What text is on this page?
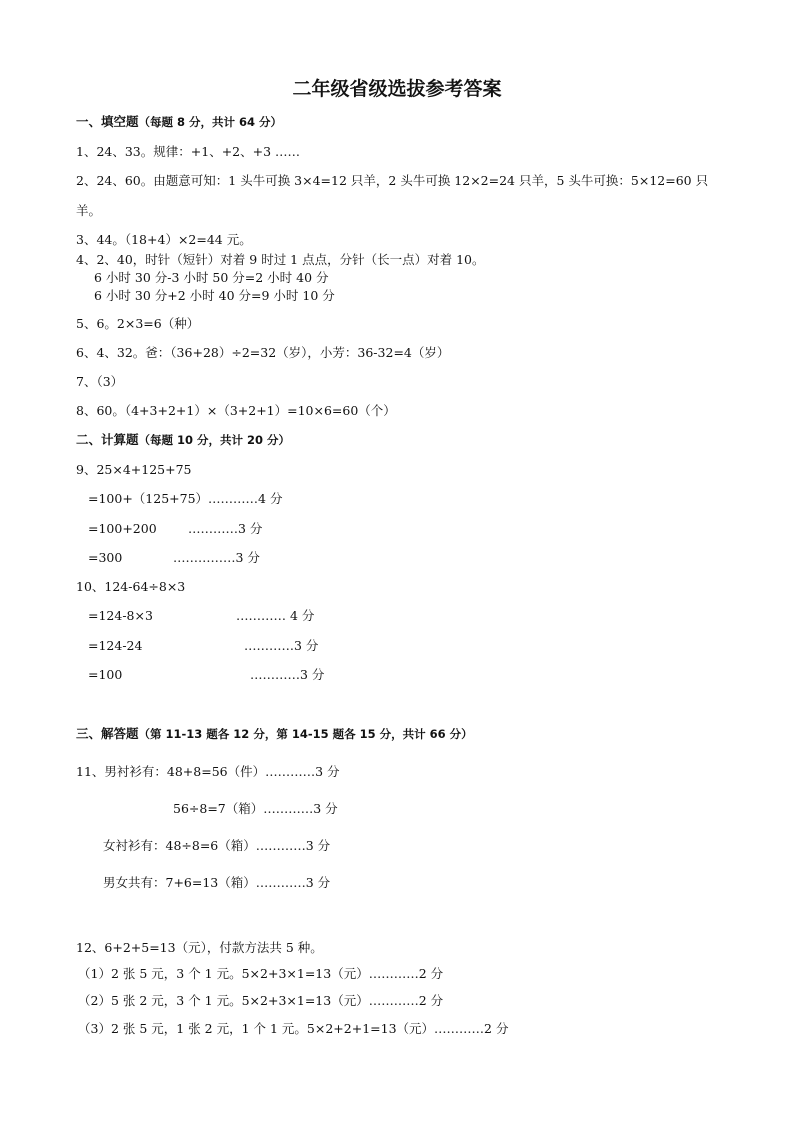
二年级省级选拔参考答案
一、填空题（每题 8 分，共计 64 分）
1、24、33。规律：+1、+2、+3 ……
2、24、60。由题意可知：1 头牛可换 3×4=12 只羊，2 头牛可换 12×2=24 只羊，5 头牛可换：5×12=60 只
羊。
3、44。（18+4）×2=44 元。
4、2、40，时针（短针）对着 9 时过 1 点点，分针（长一点）对着 10。
6 小时 30 分-3 小时 50 分=2 小时 40 分
6 小时 30 分+2 小时 40 分=9 小时 10 分
5、6。2×3=6（种）
6、4、32。爸：（36+28）÷2=32（岁），小芳：36-32=4（岁）
7、（3）
8、60。（4+3+2+1）×（3+2+1）=10×6=60（个）
二、计算题（每题 10 分，共计 20 分）
9、25×4+125+75
=100+（125+75）…………4 分
=100+200	…………3 分
=300	……………3 分
10、124-64÷8×3
=124-8×3	………… 4 分
=124-24	…………3 分
=100	…………3 分
三、解答题（第 11-13 题各 12 分，第 14-15 题各 15 分，共计 66 分）
11、男衬衫有：48+8=56（件）…………3 分
56÷8=7（箱）…………3 分
女衬衫有：48÷8=6（箱）…………3 分
男女共有：7+6=13（箱）…………3 分
12、6+2+5=13（元），付款方法共 5 种。
（1）2 张 5 元，3 个 1 元。5×2+3×1=13（元）…………2 分
（2）5 张 2 元，3 个 1 元。5×2+3×1=13（元）…………2 分
（3）2 张 5 元，1 张 2 元，1 个 1 元。5×2+2+1=13（元）…………2 分
